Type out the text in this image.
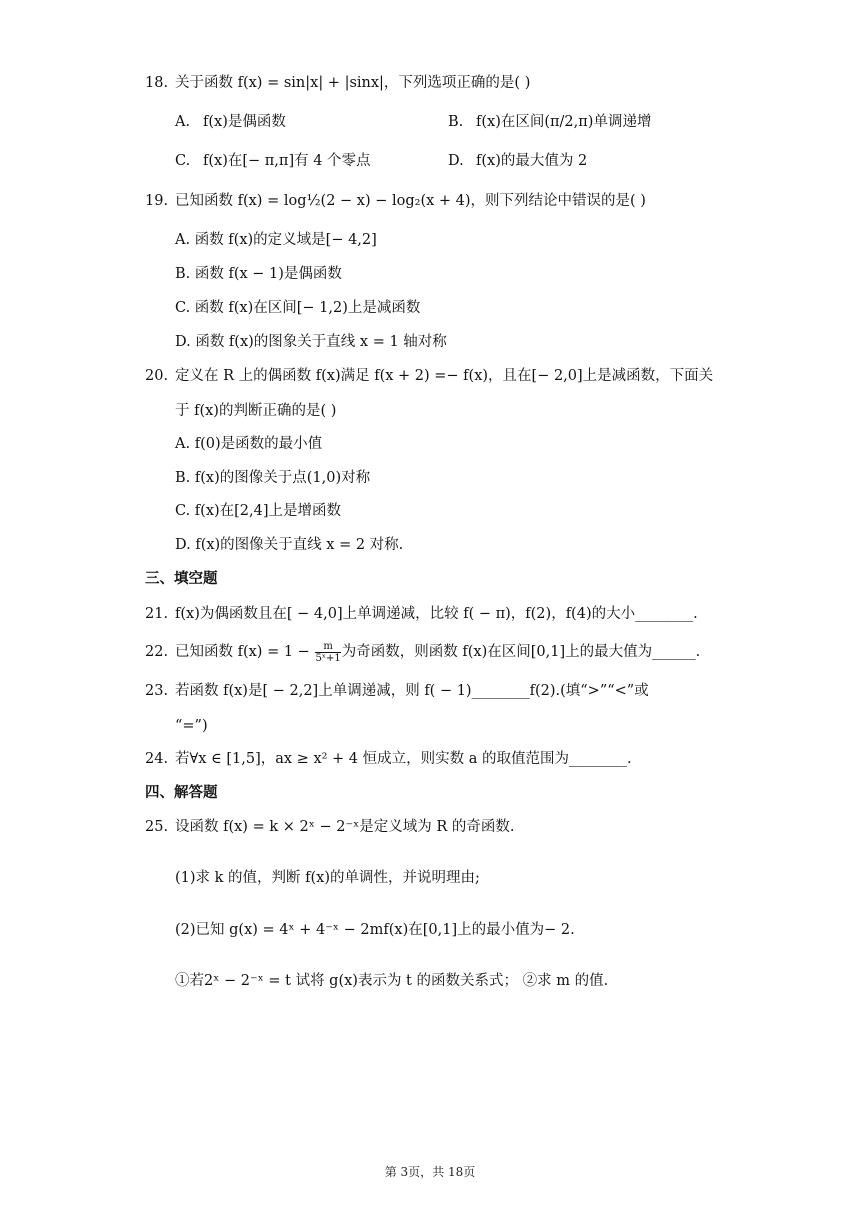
18. 关于函数 f(x) = sin|x| + |sinx|，下列选项正确的是( )
A. f(x)是偶函数	B. f(x)在区间(π/2,π)单调递增
C. f(x)在[− π,π]有 4 个零点	D. f(x)的最大值为 2
19. 已知函数 f(x) = log½(2 − x) − log₂(x + 4)，则下列结论中错误的是( )
A. 函数 f(x)的定义域是[− 4,2]
B. 函数 f(x − 1)是偶函数
C. 函数 f(x)在区间[− 1,2)上是减函数
D. 函数 f(x)的图象关于直线 x = 1 轴对称
20. 定义在 R 上的偶函数 f(x)满足 f(x + 2) =− f(x)，且在[− 2,0]上是减函数，下面关
于 f(x)的判断正确的是( )
A. f(0)是函数的最小值
B. f(x)的图像关于点(1,0)对称
C. f(x)在[2,4]上是增函数
D. f(x)的图像关于直线 x = 2 对称.
三、填空题
21. f(x)为偶函数且在[ − 4,0]上单调递减，比较 f( − π)，f(2)，f(4)的大小________.
22. 已知函数 $f(x) = 1 - \frac{m}{\text{5ˣ+1}}$ 为奇函数，则函数 f(x)在区间[0,1]上的最大值为______.
23. 若函数 f(x)是[ − 2,2]上单调递减，则 f( − 1)________f(2).(填“>”“<”或
“=”)
24. 若∀x ∈ [1,5]，ax ≥ x² + 4 恒成立，则实数 a 的取值范围为________.
四、解答题
25. 设函数 f(x) = k × 2ˣ − 2⁻ˣ是定义域为 R 的奇函数.
(1)求 k 的值，判断 f(x)的单调性，并说明理由;
(2)已知 g(x) = 4ˣ + 4⁻ˣ − 2mf(x)在[0,1]上的最小值为− 2.
①若2ˣ − 2⁻ˣ = t 试将 g(x)表示为 t 的函数关系式； ②求 m 的值.
第 3页，共 18页
